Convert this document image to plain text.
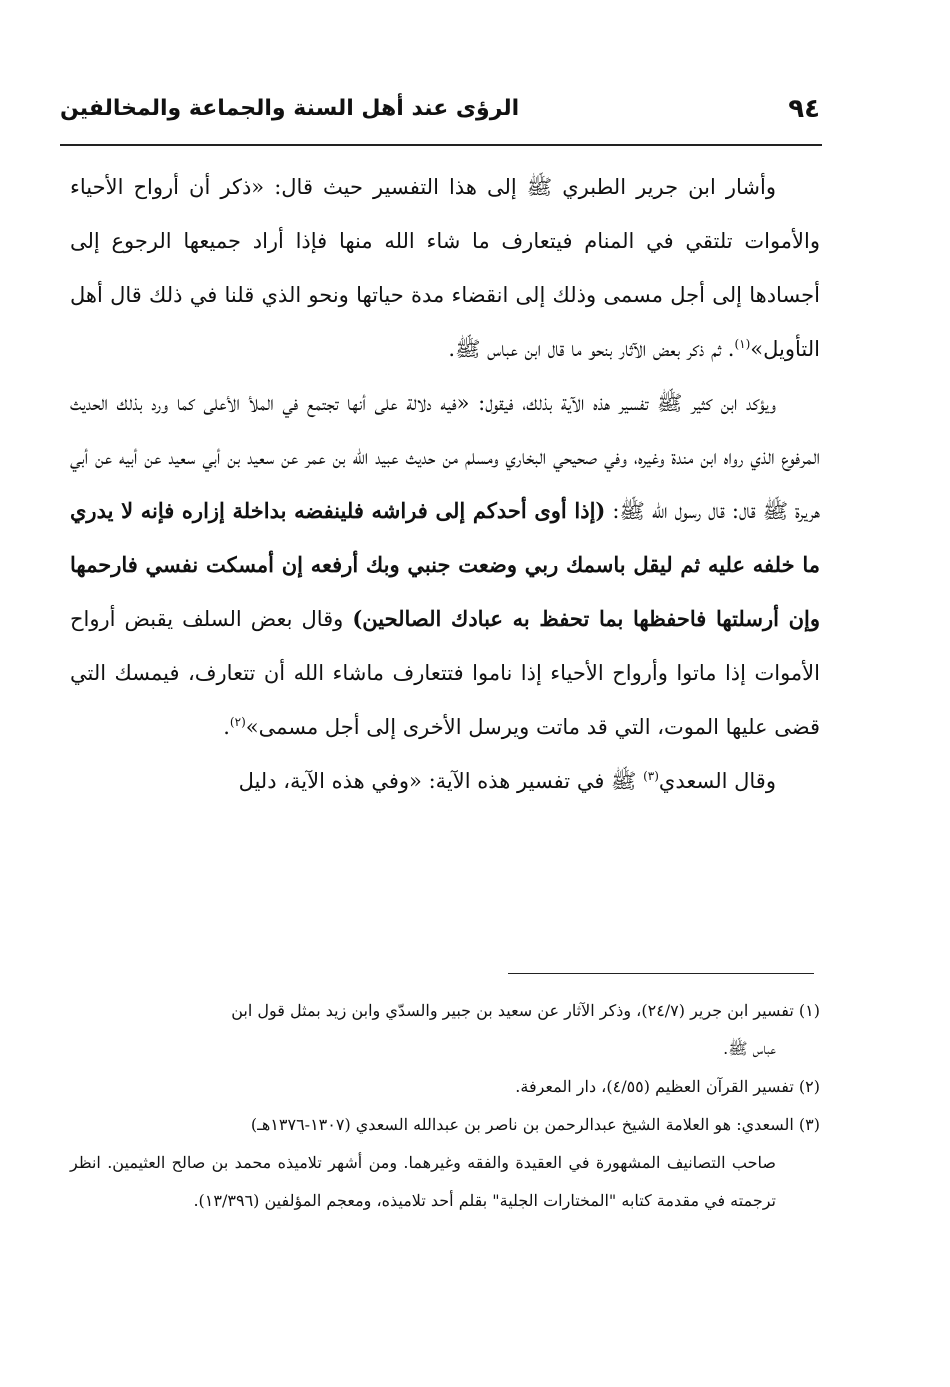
٩٤
الرؤى عند أهل السنة والجماعة والمخالفين

وأشار ابن جرير الطبري ﷺ إلى هذا التفسير حيث قال: «ذكر أن أرواح الأحياء والأموات تلتقي في المنام فيتعارف ما شاء الله منها فإذا أراد جميعها الرجوع إلى أجسادها إلى أجل مسمى وذلك إلى انقضاء مدة حياتها ونحو الذي قلنا في ذلك قال أهل التأويل»$^{(١)}$. ثم ذكر بعض الآثار بنحو ما قال ابن عباس ﷺ.

ويؤكد ابن كثير ﷺ تفسير هذه الآية بذلك، فيقول: «فيه دلالة على أنها تجتمع في الملأ الأعلى كما ورد بذلك الحديث المرفوع الذي رواه ابن مندة وغيره، وفي صحيحي البخاري ومسلم من حديث عبيد الله بن عمر عن سعيد بن أبي سعيد عن أبيه عن أبي هريرة ﷺ قال: قال رسول الله ﷺ: (إذا أوى أحدكم إلى فراشه فلينفضه بداخلة إزاره فإنه لا يدري ما خلفه عليه ثم ليقل باسمك ربي وضعت جنبي وبك أرفعه إن أمسكت نفسي فارحمها وإن أرسلتها فاحفظها بما تحفظ به عبادك الصالحين) وقال بعض السلف يقبض أرواح الأموات إذا ماتوا وأرواح الأحياء إذا ناموا فتتعارف ماشاء الله أن تتعارف، فيمسك التي قضى عليها الموت، التي قد ماتت ويرسل الأخرى إلى أجل مسمى»$^{(٢)}$.

وقال السعدي$^{(٣)}$ ﷺ في تفسير هذه الآية: «وفي هذه الآية، دليل

(١) تفسير ابن جرير (٢٤/٧)، وذكر الآثار عن سعيد بن جبير والسدّي وابن زيد بمثل قول ابن

عباس ﷺ.

(٢) تفسير القرآن العظيم (٤/٥٥)، دار المعرفة.

(٣) السعدي: هو العلامة الشيخ عبدالرحمن بن ناصر بن عبدالله السعدي (١٣٠٧-١٣٧٦هـ)

صاحب التصانيف المشهورة في العقيدة والفقه وغيرهما. ومن أشهر تلاميذه محمد بن صالح العثيمين. انظر ترجمته في مقدمة كتابه "المختارات الجلية" بقلم أحد تلاميذه، ومعجم المؤلفين (١٣/٣٩٦).
